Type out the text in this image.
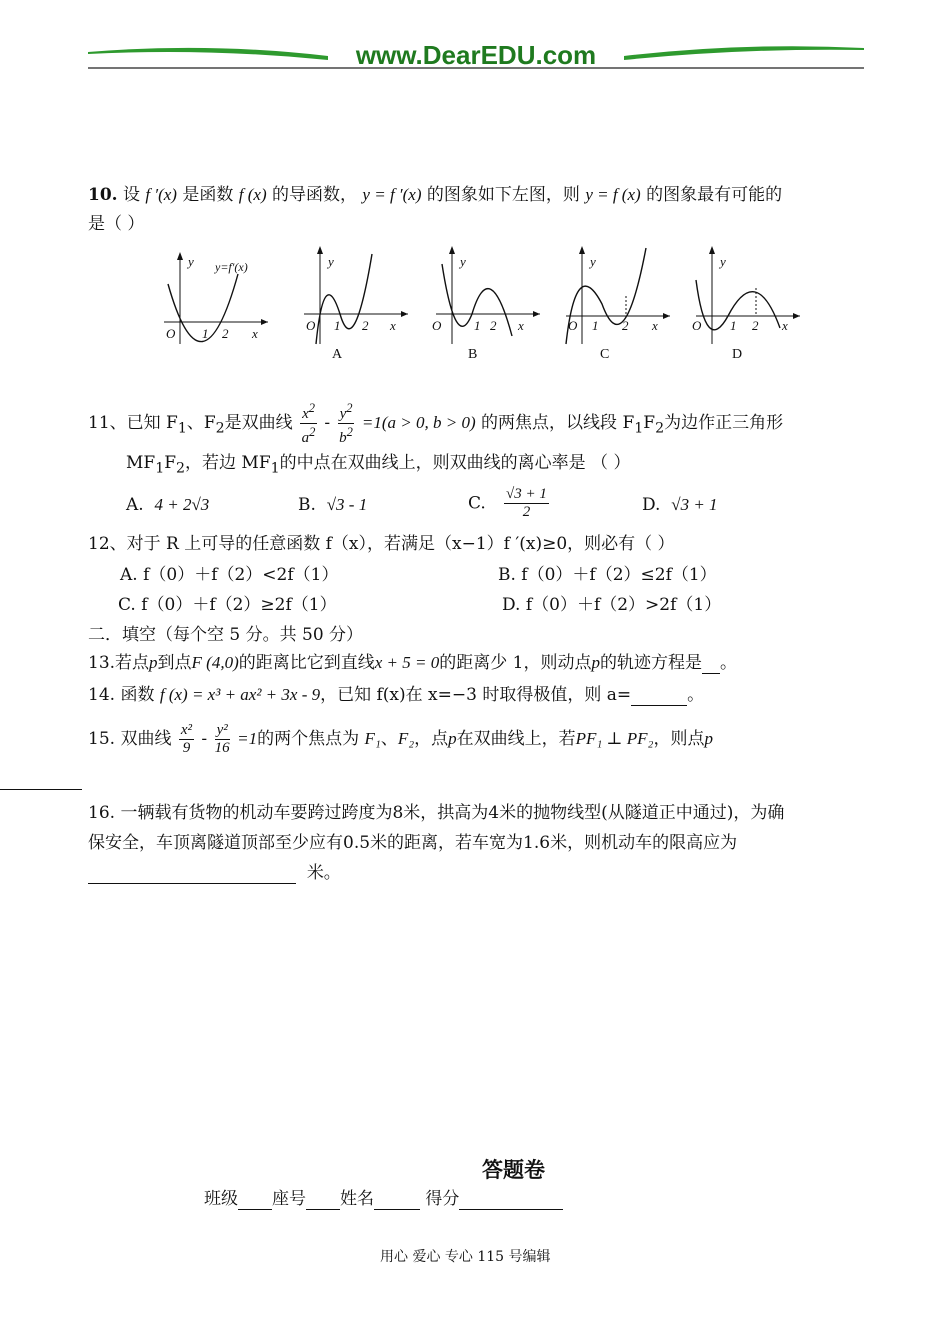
www.DearEDU.com
10. 设 f ′(x) 是函数 f (x) 的导函数， y = f ′(x) 的图象如下左图，则 y = f (x) 的图象最有可能的
是（ ）
y y=f′(x)
O 1 2 x
y
O 1 2 x
A
y
O	1 2 x
B
y
O 1 2 x
C
y
O 1 2 x
D
11、已知 $F_1$、$F_2$是双曲线 $\frac{x^2}{a^2} - \frac{y^2}{b^2} =1(a > 0$, b > 0) 的两焦点，以线段 $F_1F_2$为边作正三角形
$MF_1F_2$，若边 $MF_1$的中点在双曲线上，则双曲线的离心率是 （ ）
A. 4 + 2√3	B. √3 - 1	C. $\frac{√3 + 1}{2}$	D. √3 + 1
12、对于 R 上可导的任意函数 f（x），若满足（x−1）f ′(x)≥0，则必有（ ）
A. f（0）＋f（2）<2f（1）	B. f（0）＋f（2）≤2f（1）
C. f（0）＋f（2）≥2f（1）	D. f（0）＋f（2）>2f（1）
二．填空（每个空 5 分。共 50 分）
13.若点p到点F (4,0)的距离比它到直线x + 5 = 0的距离少 1，则动点p的轨迹方程是 。
14. 函数 f (x) = x³ + ax² + 3x - 9，已知 f(x)在 x=−3 时取得极值，则 a=	。
15. 双曲线 $\frac{\text{x²}}{9} - \frac{\text{y²}}{16} =1$的两个焦点为 F₁、F₂，点p在双曲线上，若PF₁ ⊥ PF₂，则点p
16. 一辆载有货物的机动车要跨过跨度为8米，拱高为4米的抛物线型(从隧道正中通过)，为确
保安全，车顶离隧道顶部至少应有0.5米的距离，若车宽为1.6米，则机动车的限高应为
米。
答题卷
班级 座号 姓名	得分
用心 爱心 专心 115 号编辑
